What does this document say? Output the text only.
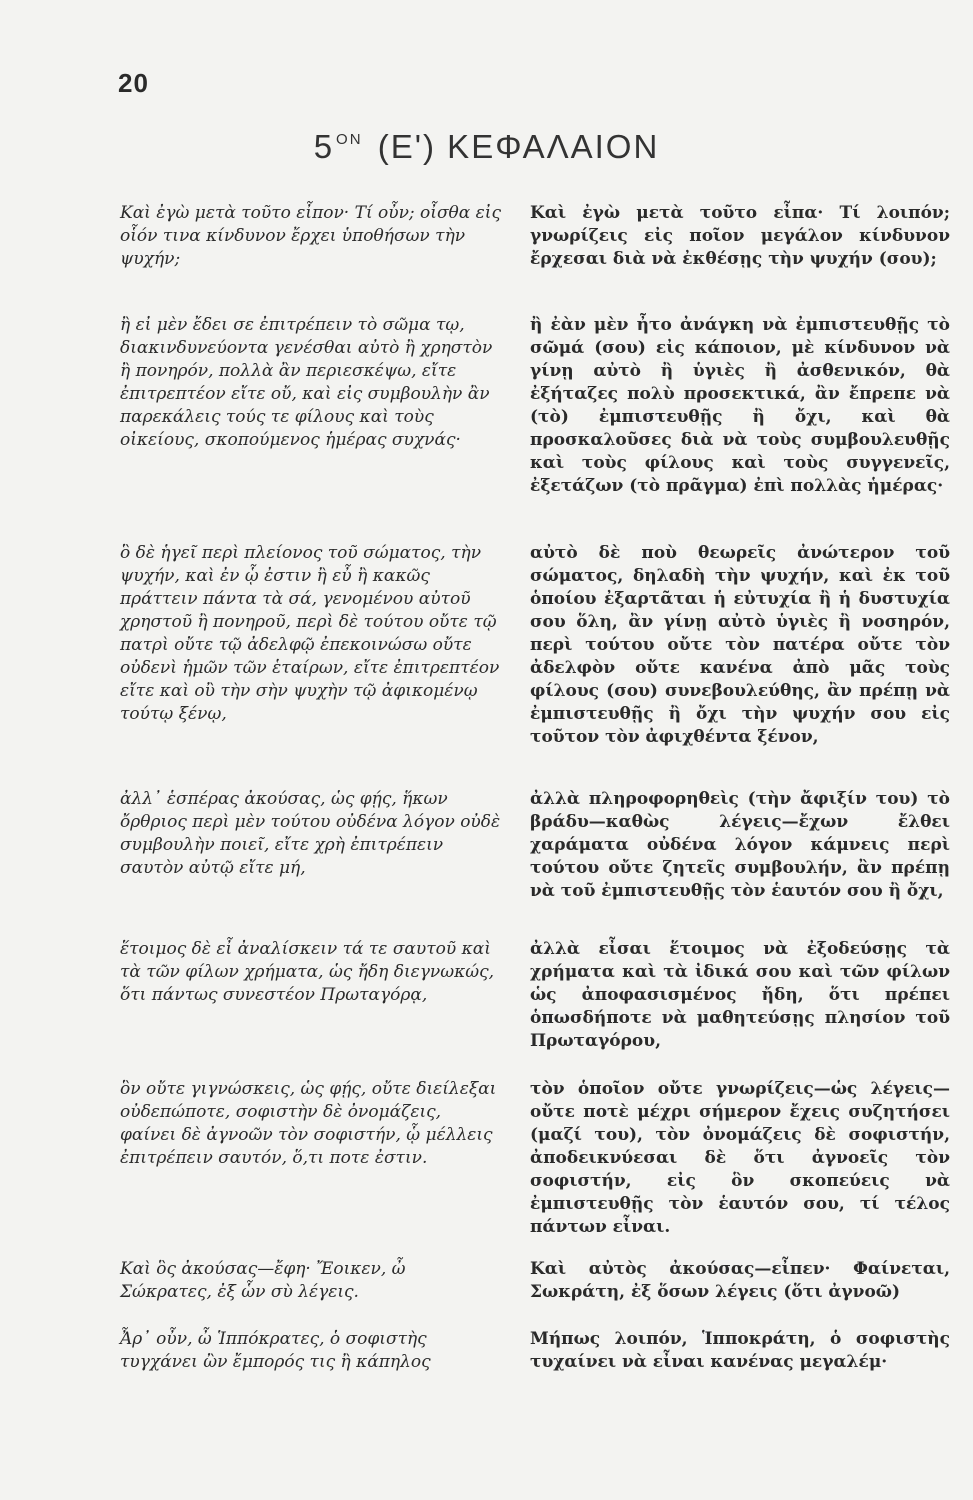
20
5 $^{ON}$ (Ε') ΚΕΦΑΛΑΙΟΝ

Καὶ ἐγὼ μετὰ τοῦτο εἶπον· Τί οὖν; οἶσθα εἰς οἷόν τινα κίνδυνον ἔρχει ὑποθήσων τὴν ψυχήν;

ἢ εἰ μὲν ἔδει σε ἐπιτρέπειν τὸ σῶμα τῳ, διακινδυνεύοντα γενέσθαι αὐτὸ ἢ χρηστὸν ἢ πονηρόν, πολλὰ ἂν περιεσκέψω, εἴτε ἐπιτρεπτέον εἴτε οὔ, καὶ εἰς συμβουλὴν ἂν παρεκάλεις τούς τε φίλους καὶ τοὺς οἰκείους, σκοπούμενος ἡμέρας συχνάς·

ὃ δὲ ἡγεῖ περὶ πλείονος τοῦ σώματος, τὴν ψυχήν, καὶ ἐν ᾧ ἐστιν ἢ εὖ ἢ κακῶς πράττειν πάντα τὰ σά, γενομένου αὐτοῦ χρηστοῦ ἢ πονηροῦ, περὶ δὲ τούτου οὔτε τῷ πατρὶ οὔτε τῷ ἀδελφῷ ἐπεκοινώσω οὔτε οὐδενὶ ἡμῶν τῶν ἑταίρων, εἴτε ἐπιτρεπτέον εἴτε καὶ οὒ τὴν σὴν ψυχὴν τῷ ἀφικομένῳ τούτῳ ξένῳ,

ἀλλ᾽ ἑσπέρας ἀκούσας, ὡς φῄς, ἥκων ὄρθριος περὶ μὲν τούτου οὐδένα λόγον οὐδὲ συμβουλὴν ποιεῖ, εἴτε χρὴ ἐπιτρέπειν σαυτὸν αὐτῷ εἴτε μή,

ἕτοιμος δὲ εἶ ἀναλίσκειν τά τε σαυτοῦ καὶ τὰ τῶν φίλων χρήματα, ὡς ἤδη διεγνωκώς, ὅτι πάντως συνεστέον Πρωταγόρᾳ,

ὃν οὔτε γιγνώσκεις, ὡς φῄς, οὔτε διείλεξαι οὐδεπώποτε, σοφιστὴν δὲ ὀνομάζεις, φαίνει δὲ ἀγνοῶν τὸν σοφιστήν, ᾧ μέλλεις ἐπιτρέπειν σαυτόν, ὅ,τι ποτε ἐστιν.

Καὶ ὃς ἀκούσας—ἔφη· Ἔοικεν, ὦ Σώκρατες, ἐξ ὧν σὺ λέγεις.

Ἆρ᾽ οὖν, ὦ Ἱππόκρατες, ὁ σοφιστὴς τυγχάνει ὢν ἔμπορός τις ἢ κάπηλος

Καὶ ἐγὼ μετὰ τοῦτο εἶπα· Τί λοιπόν; γνωρίζεις εἰς ποῖον μεγάλον κίνδυνον ἔρχεσαι διὰ νὰ ἐκθέσῃς τὴν ψυχήν (σου);

ἢ ἐὰν μὲν ἦτο ἀνάγκη νὰ ἐμπιστευθῇς τὸ σῶμά (σου) εἰς κάποιον, μὲ κίνδυνον νὰ γίνῃ αὐτὸ ἢ ὑγιὲς ἢ ἀσθενικόν, θὰ ἐξήταζες πολὺ προσεκτικά, ἂν ἔπρεπε νὰ (τὸ) ἐμπιστευθῇς ἢ ὄχι, καὶ θὰ προσκαλοῦσες διὰ νὰ τοὺς συμβουλευθῇς καὶ τοὺς φίλους καὶ τοὺς συγγενεῖς, ἐξετάζων (τὸ πρᾶγμα) ἐπὶ πολλὰς ἡμέρας·

αὐτὸ δὲ ποὺ θεωρεῖς ἀνώτερον τοῦ σώματος, δηλαδὴ τὴν ψυχήν, καὶ ἐκ τοῦ ὁποίου ἐξαρτᾶται ἡ εὐτυχία ἢ ἡ δυστυχία σου ὅλη, ἂν γίνῃ αὐτὸ ὑγιὲς ἢ νοσηρόν, περὶ τούτου οὔτε τὸν πατέρα οὔτε τὸν ἀδελφὸν οὔτε κανένα ἀπὸ μᾶς τοὺς φίλους (σου) συνεβουλεύθης, ἂν πρέπῃ νὰ ἐμπιστευθῇς ἢ ὄχι τὴν ψυχήν σου εἰς τοῦτον τὸν ἀφιχθέντα ξένον,

ἀλλὰ πληροφορηθεὶς (τὴν ἄφιξίν του) τὸ βράδυ—καθὼς λέγεις—ἔχων ἔλθει χαράματα οὐδένα λόγον κάμνεις περὶ τούτου οὔτε ζητεῖς συμβουλήν, ἂν πρέπῃ νὰ τοῦ ἐμπιστευθῇς τὸν ἑαυτόν σου ἢ ὄχι,

ἀλλὰ εἶσαι ἕτοιμος νὰ ἐξοδεύσῃς τὰ χρήματα καὶ τὰ ἰδικά σου καὶ τῶν φίλων ὡς ἀποφασισμένος ἤδη, ὅτι πρέπει ὁπωσδήποτε νὰ μαθητεύσῃς πλησίον τοῦ Πρωταγόρου,

τὸν ὁποῖον οὔτε γνωρίζεις—ὡς λέγεις—οὔτε ποτὲ μέχρι σήμερον ἔχεις συζητήσει (μαζί του), τὸν ὀνομάζεις δὲ σοφιστήν, ἀποδεικνύεσαι δὲ ὅτι ἀγνοεῖς τὸν σοφιστήν, εἰς ὃν σκοπεύεις νὰ ἐμπιστευθῇς τὸν ἑαυτόν σου, τί τέλος πάντων εἶναι.

Καὶ αὐτὸς ἀκούσας—εἶπεν· Φαίνεται, Σωκράτη, ἐξ ὅσων λέγεις (ὅτι ἀγνοῶ)

Μήπως λοιπόν, Ἱπποκράτη, ὁ σοφιστὴς τυχαίνει νὰ εἶναι κανένας μεγαλέμ·
